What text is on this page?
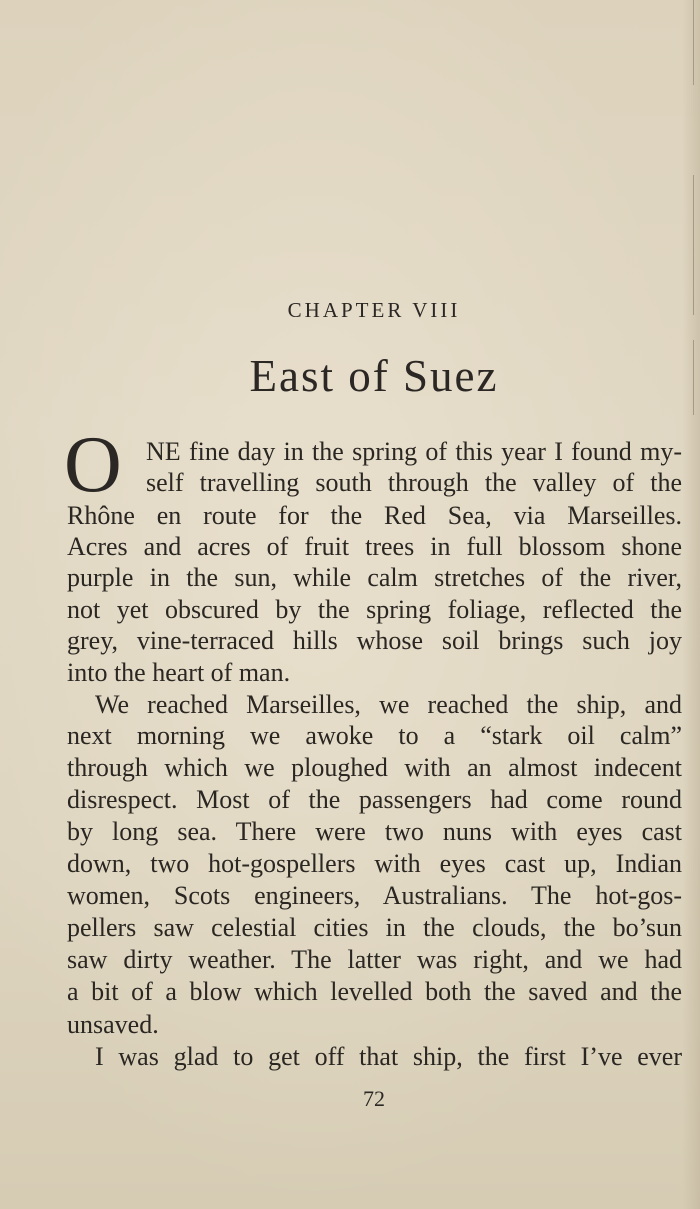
CHAPTER VIII
East of Suez
O NE fine day in the spring of this year I found my-
self travelling south through the valley of the
Rhône en route for the Red Sea, via Marseilles.
Acres and acres of fruit trees in full blossom shone
purple in the sun, while calm stretches of the river,
not yet obscured by the spring foliage, reflected the
grey, vine-terraced hills whose soil brings such joy
into the heart of man.
We reached Marseilles, we reached the ship, and
next morning we awoke to a “stark oil calm”
through which we ploughed with an almost indecent
disrespect. Most of the passengers had come round
by long sea. There were two nuns with eyes cast
down, two hot-gospellers with eyes cast up, Indian
women, Scots engineers, Australians. The hot-gos-
pellers saw celestial cities in the clouds, the bo’sun
saw dirty weather. The latter was right, and we had
a bit of a blow which levelled both the saved and the
unsaved.
I was glad to get off that ship, the first I’ve ever
72
